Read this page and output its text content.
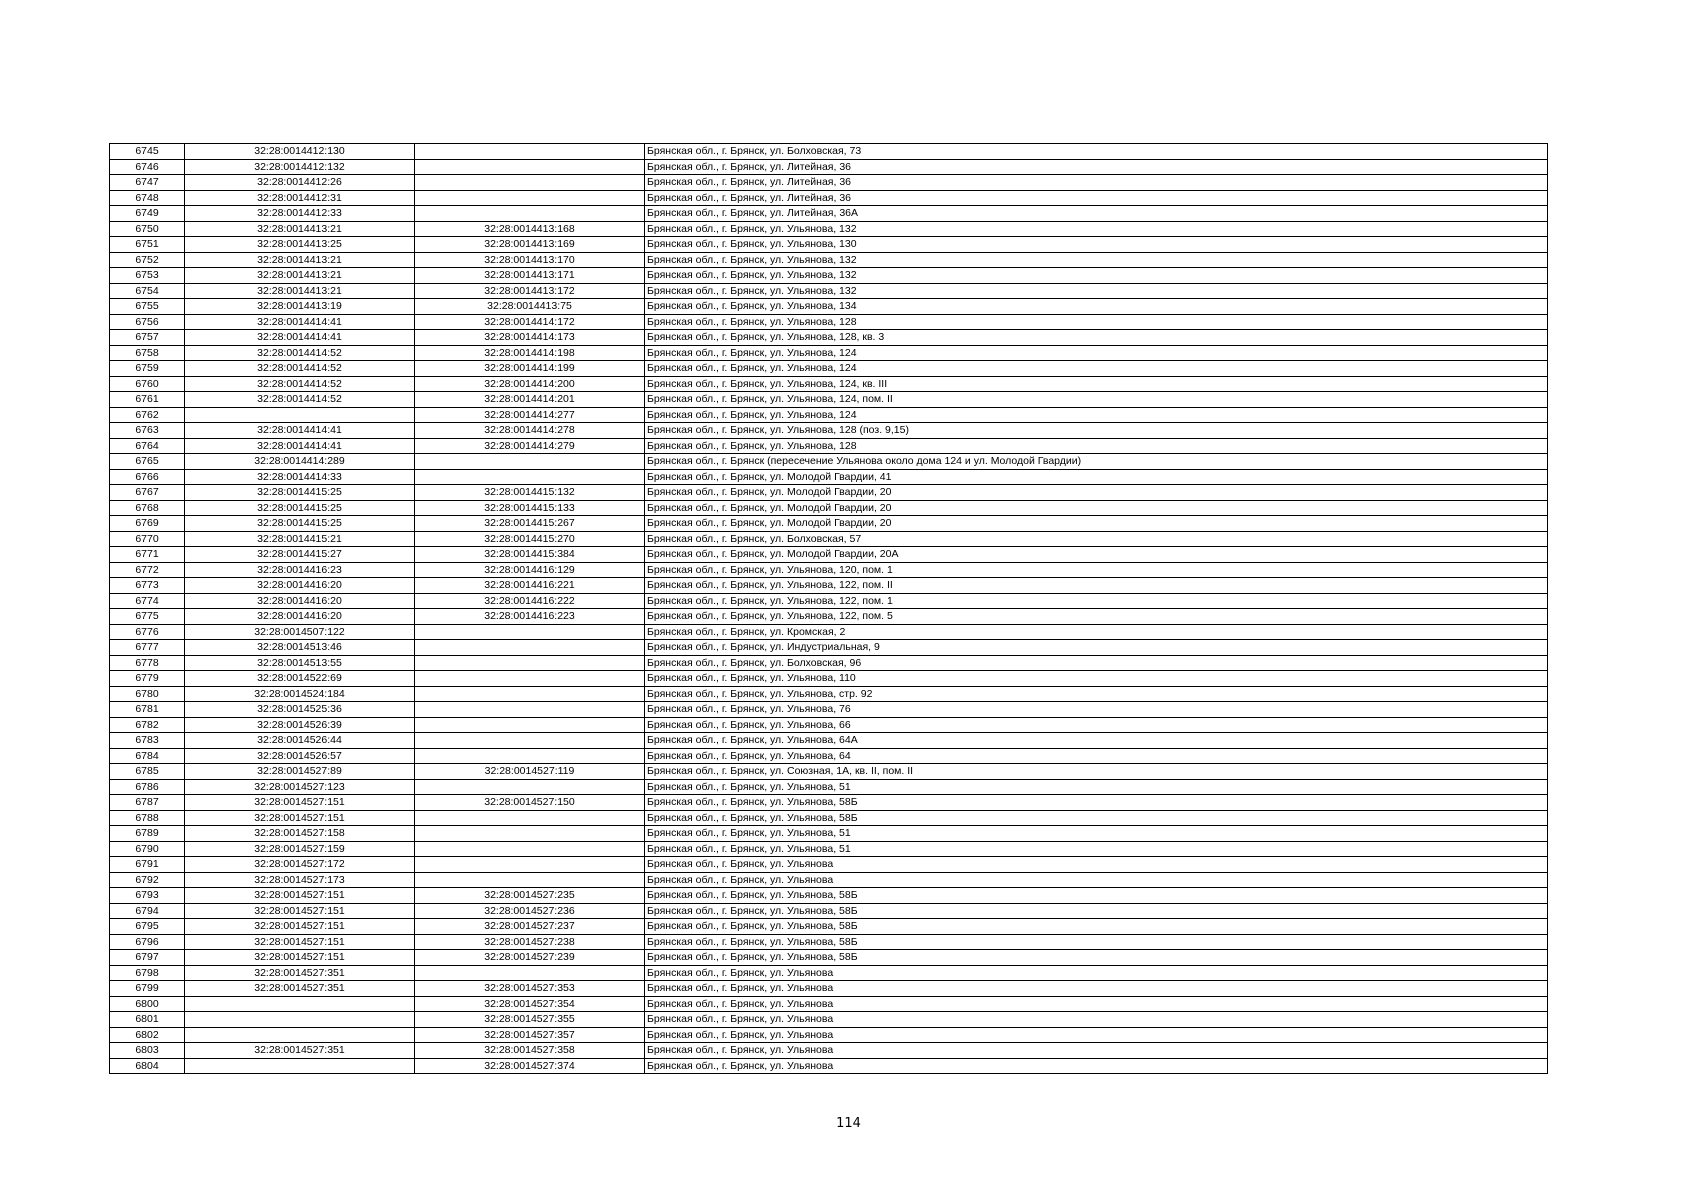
6745	32:28:0014412:130		Брянская обл., г. Брянск, ул. Болховская, 73
6746	32:28:0014412:132		Брянская обл., г. Брянск, ул. Литейная, 36
6747	32:28:0014412:26		Брянская обл., г. Брянск, ул. Литейная, 36
6748	32:28:0014412:31		Брянская обл., г. Брянск, ул. Литейная, 36
6749	32:28:0014412:33		Брянская обл., г. Брянск, ул. Литейная, 36А
6750	32:28:0014413:21	32:28:0014413:168	Брянская обл., г. Брянск, ул. Ульянова, 132
6751	32:28:0014413:25	32:28:0014413:169	Брянская обл., г. Брянск, ул. Ульянова, 130
6752	32:28:0014413:21	32:28:0014413:170	Брянская обл., г. Брянск, ул. Ульянова, 132
6753	32:28:0014413:21	32:28:0014413:171	Брянская обл., г. Брянск, ул. Ульянова, 132
6754	32:28:0014413:21	32:28:0014413:172	Брянская обл., г. Брянск, ул. Ульянова, 132
6755	32:28:0014413:19	32:28:0014413:75	Брянская обл., г. Брянск, ул. Ульянова, 134
6756	32:28:0014414:41	32:28:0014414:172	Брянская обл., г. Брянск, ул. Ульянова, 128
6757	32:28:0014414:41	32:28:0014414:173	Брянская обл., г. Брянск, ул. Ульянова, 128, кв. 3
6758	32:28:0014414:52	32:28:0014414:198	Брянская обл., г. Брянск, ул. Ульянова, 124
6759	32:28:0014414:52	32:28:0014414:199	Брянская обл., г. Брянск, ул. Ульянова, 124
6760	32:28:0014414:52	32:28:0014414:200	Брянская обл., г. Брянск, ул. Ульянова, 124, кв. III
6761	32:28:0014414:52	32:28:0014414:201	Брянская обл., г. Брянск, ул. Ульянова, 124, пом. II
6762		32:28:0014414:277	Брянская обл., г. Брянск, ул. Ульянова, 124
6763	32:28:0014414:41	32:28:0014414:278	Брянская обл., г. Брянск, ул. Ульянова, 128 (поз. 9,15)
6764	32:28:0014414:41	32:28:0014414:279	Брянская обл., г. Брянск, ул. Ульянова, 128
6765	32:28:0014414:289		Брянская обл., г. Брянск (пересечение Ульянова около дома 124 и ул. Молодой Гвардии)
6766	32:28:0014414:33		Брянская обл., г. Брянск, ул. Молодой Гвардии, 41
6767	32:28:0014415:25	32:28:0014415:132	Брянская обл., г. Брянск, ул. Молодой Гвардии, 20
6768	32:28:0014415:25	32:28:0014415:133	Брянская обл., г. Брянск, ул. Молодой Гвардии, 20
6769	32:28:0014415:25	32:28:0014415:267	Брянская обл., г. Брянск, ул. Молодой Гвардии, 20
6770	32:28:0014415:21	32:28:0014415:270	Брянская обл., г. Брянск, ул. Болховская, 57
6771	32:28:0014415:27	32:28:0014415:384	Брянская обл., г. Брянск, ул. Молодой Гвардии, 20А
6772	32:28:0014416:23	32:28:0014416:129	Брянская обл., г. Брянск, ул. Ульянова, 120, пом. 1
6773	32:28:0014416:20	32:28:0014416:221	Брянская обл., г. Брянск, ул. Ульянова, 122, пом. II
6774	32:28:0014416:20	32:28:0014416:222	Брянская обл., г. Брянск, ул. Ульянова, 122, пом. 1
6775	32:28:0014416:20	32:28:0014416:223	Брянская обл., г. Брянск, ул. Ульянова, 122, пом. 5
6776	32:28:0014507:122		Брянская обл., г. Брянск, ул. Кромская, 2
6777	32:28:0014513:46		Брянская обл., г. Брянск, ул. Индустриальная, 9
6778	32:28:0014513:55		Брянская обл., г. Брянск, ул. Болховская, 96
6779	32:28:0014522:69		Брянская обл., г. Брянск, ул. Ульянова, 110
6780	32:28:0014524:184		Брянская обл., г. Брянск, ул. Ульянова, стр. 92
6781	32:28:0014525:36		Брянская обл., г. Брянск, ул. Ульянова, 76
6782	32:28:0014526:39		Брянская обл., г. Брянск, ул. Ульянова, 66
6783	32:28:0014526:44		Брянская обл., г. Брянск, ул. Ульянова, 64А
6784	32:28:0014526:57		Брянская обл., г. Брянск, ул. Ульянова, 64
6785	32:28:0014527:89	32:28:0014527:119	Брянская обл., г. Брянск, ул. Союзная, 1А, кв. II, пом. II
6786	32:28:0014527:123		Брянская обл., г. Брянск, ул. Ульянова, 51
6787	32:28:0014527:151	32:28:0014527:150	Брянская обл., г. Брянск, ул. Ульянова, 58Б
6788	32:28:0014527:151		Брянская обл., г. Брянск, ул. Ульянова, 58Б
6789	32:28:0014527:158		Брянская обл., г. Брянск, ул. Ульянова, 51
6790	32:28:0014527:159		Брянская обл., г. Брянск, ул. Ульянова, 51
6791	32:28:0014527:172		Брянская обл., г. Брянск, ул. Ульянова
6792	32:28:0014527:173		Брянская обл., г. Брянск, ул. Ульянова
6793	32:28:0014527:151	32:28:0014527:235	Брянская обл., г. Брянск, ул. Ульянова, 58Б
6794	32:28:0014527:151	32:28:0014527:236	Брянская обл., г. Брянск, ул. Ульянова, 58Б
6795	32:28:0014527:151	32:28:0014527:237	Брянская обл., г. Брянск, ул. Ульянова, 58Б
6796	32:28:0014527:151	32:28:0014527:238	Брянская обл., г. Брянск, ул. Ульянова, 58Б
6797	32:28:0014527:151	32:28:0014527:239	Брянская обл., г. Брянск, ул. Ульянова, 58Б
6798	32:28:0014527:351		Брянская обл., г. Брянск, ул. Ульянова
6799	32:28:0014527:351	32:28:0014527:353	Брянская обл., г. Брянск, ул. Ульянова
6800		32:28:0014527:354	Брянская обл., г. Брянск, ул. Ульянова
6801		32:28:0014527:355	Брянская обл., г. Брянск, ул. Ульянова
6802		32:28:0014527:357	Брянская обл., г. Брянск, ул. Ульянова
6803	32:28:0014527:351	32:28:0014527:358	Брянская обл., г. Брянск, ул. Ульянова
6804		32:28:0014527:374	Брянская обл., г. Брянск, ул. Ульянова
114
